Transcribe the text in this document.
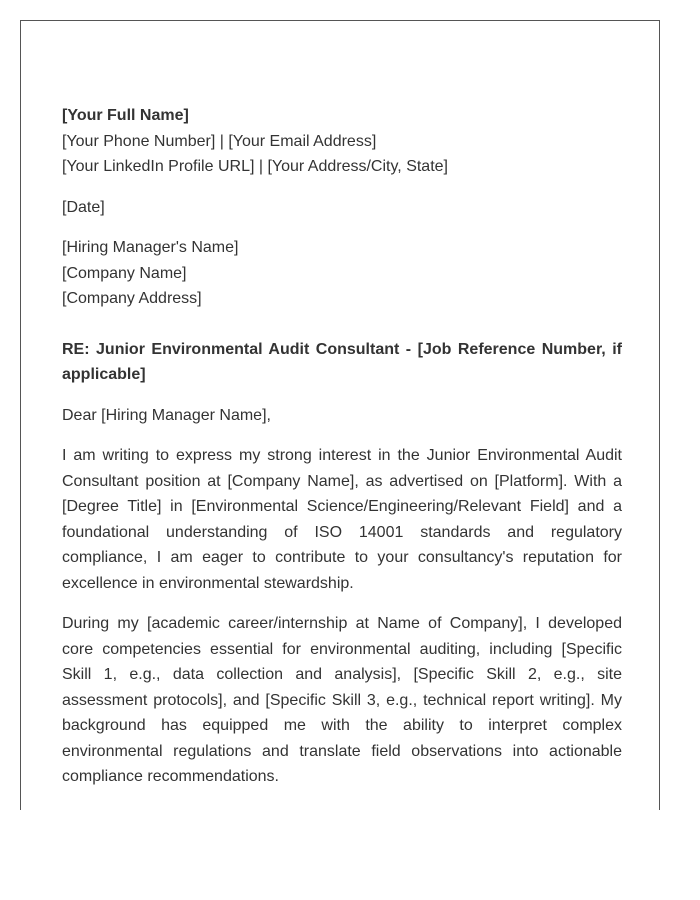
[Your Full Name]
[Your Phone Number] | [Your Email Address]
[Your LinkedIn Profile URL] | [Your Address/City, State]
[Date]
[Hiring Manager's Name]
[Company Name]
[Company Address]

RE: Junior Environmental Audit Consultant - [Job Reference Number, if applicable]

Dear [Hiring Manager Name],

I am writing to express my strong interest in the Junior Environmental Audit Consultant position at [Company Name], as advertised on [Platform]. With a [Degree Title] in [Environmental Science/Engineering/Relevant Field] and a foundational understanding of ISO 14001 standards and regulatory compliance, I am eager to contribute to your consultancy's reputation for excellence in environmental stewardship.

During my [academic career/internship at Name of Company], I developed core competencies essential for environmental auditing, including [Specific Skill 1, e.g., data collection and analysis], [Specific Skill 2, e.g., site assessment protocols], and [Specific Skill 3, e.g., technical report writing]. My background has equipped me with the ability to interpret complex environmental regulations and translate field observations into actionable compliance recommendations.
